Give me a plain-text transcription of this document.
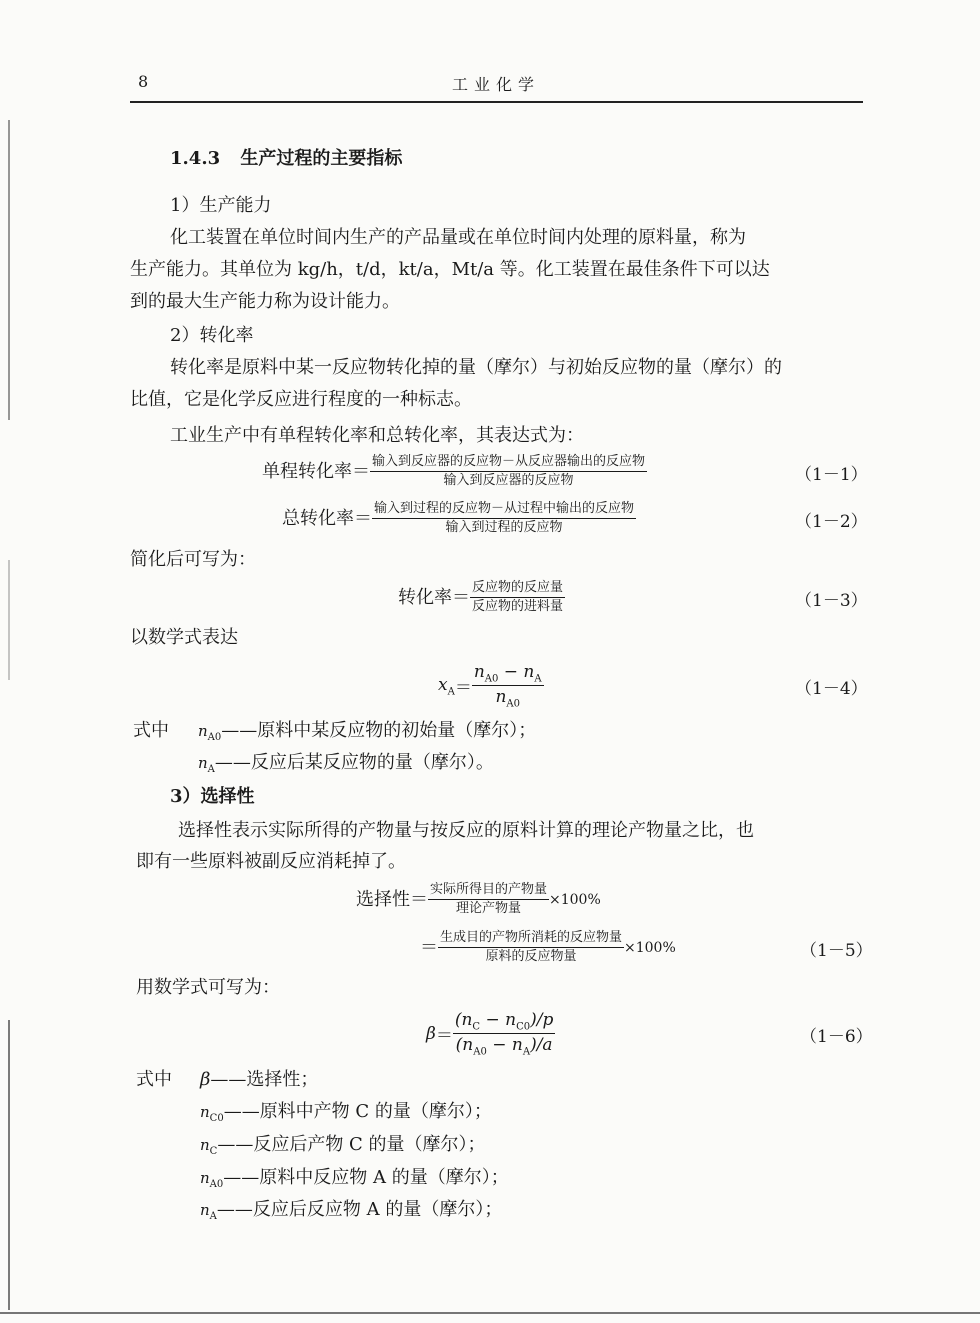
8	工业化学
1.4.3 生产过程的主要指标
1）生产能力
化工装置在单位时间内生产的产品量或在单位时间内处理的原料量，称为
生产能力。其单位为 kg/h，t/d，kt/a，Mt/a 等。化工装置在最佳条件下可以达
到的最大生产能力称为设计能力。
2）转化率
转化率是原料中某一反应物转化掉的量（摩尔）与初始反应物的量（摩尔）的
比值，它是化学反应进行程度的一种标志。
工业生产中有单程转化率和总转化率，其表达式为：
单程转化率 ＝ $\frac{\text{输入到反应器的反应物－从反应器输出的反应物}}{\text{输入到反应器的反应物}}$	（1－1）
总转化率 ＝ $\frac{\text{输入到过程的反应物－从过程中输出的反应物}}{\text{输入到过程的反应物}}$	（1－2）
简化后可写为：
转化率 ＝ $\frac{\text{反应物的反应量}}{\text{反应物的进料量}}$	（1－3）
以数学式表达
$x_A = \frac{n_{A0} - n_A}{n_{A0}}$	（1－4）
式中 $n_{A0}——$原料中某反应物的初始量（摩尔）；
$n_A——$反应后某反应物的量（摩尔）。
3）选择性
选择性表示实际所得的产物量与按反应的原料计算的理论产物量之比，也
即有一些原料被副反应消耗掉了。
选择性 ＝ $\frac{\text{实际所得目的产物量}}{\text{理论产物量}} \times 100\%$
＝ $\frac{\text{生成目的产物所消耗的反应物量}}{\text{原料的反应物量}} \times 100\%$	（1－5）
用数学式可写为：
$\beta = \frac{(n_C - n_{C0})/p}{(n_{A0} - n_A)/a}$	（1－6）
式中 β——选择性；
$n_{C0}——$原料中产物 C 的量（摩尔）；
$n_C——$反应后产物 C 的量（摩尔）；
$n_{A0}——$原料中反应物 A 的量（摩尔）；
$n_A——$反应后反应物 A 的量（摩尔）；
